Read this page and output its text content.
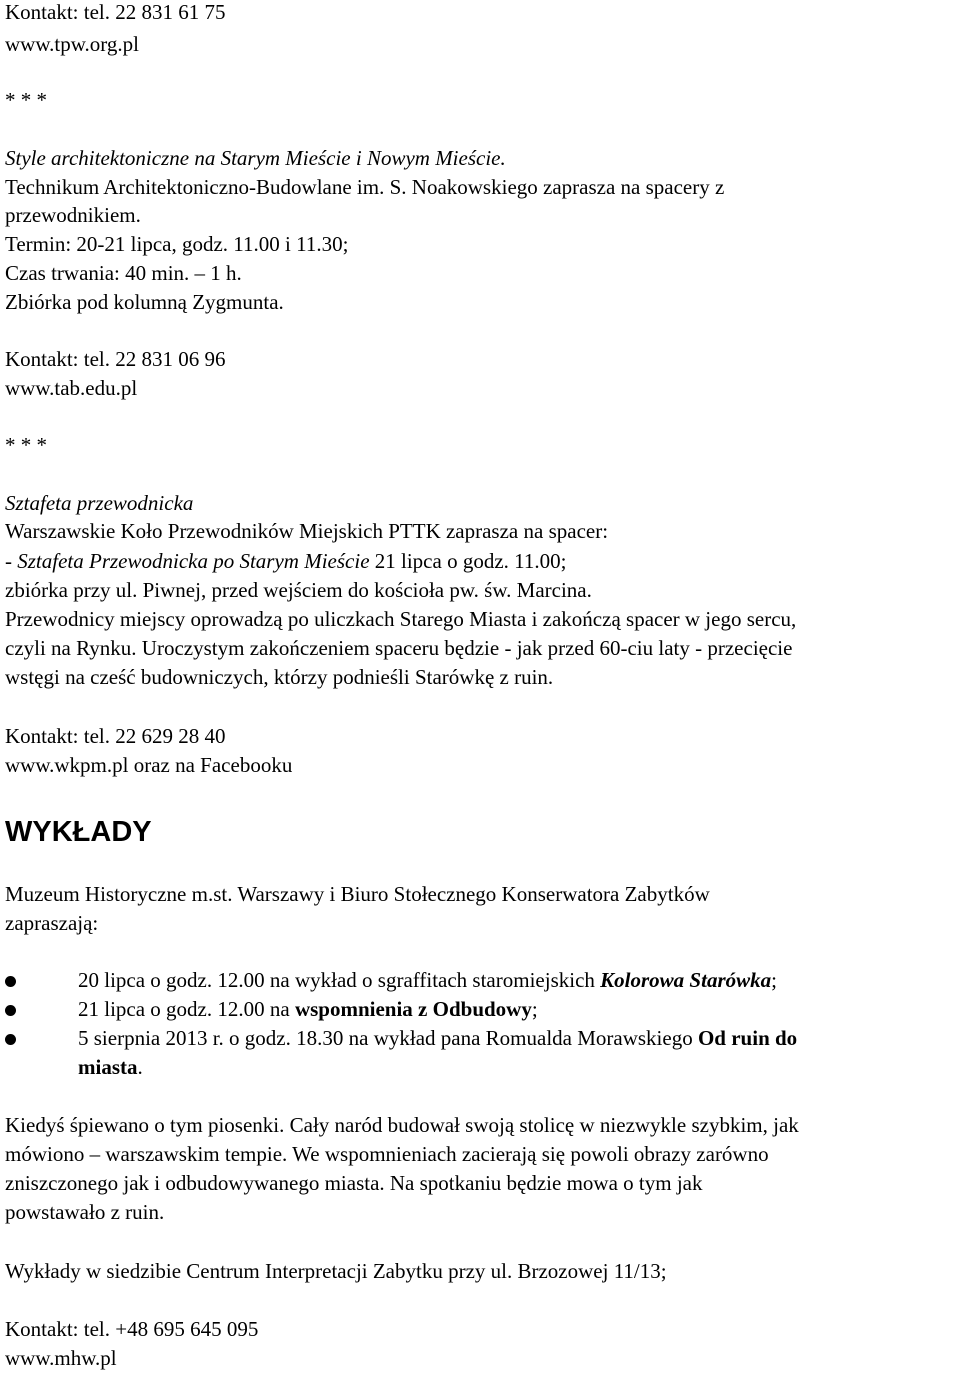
Kontakt: tel. 22 831 61 75
www.tpw.org.pl
* * *
Style architektoniczne na Starym Mieście i Nowym Mieście.
Technikum Architektoniczno-Budowlane im. S. Noakowskiego zaprasza na spacery z
przewodnikiem.
Termin: 20-21 lipca, godz. 11.00 i 11.30;
Czas trwania: 40 min. – 1 h.
Zbiórka pod kolumną Zygmunta.
Kontakt: tel. 22 831 06 96
www.tab.edu.pl
* * *
Sztafeta przewodnicka
Warszawskie Koło Przewodników Miejskich PTTK zaprasza na spacer:
- Sztafeta Przewodnicka po Starym Mieście 21 lipca o godz. 11.00;
zbiórka przy ul. Piwnej, przed wejściem do kościoła pw. św. Marcina.
Przewodnicy miejscy oprowadzą po uliczkach Starego Miasta i zakończą spacer w jego sercu,
czyli na Rynku. Uroczystym zakończeniem spaceru będzie - jak przed 60-ciu laty - przecięcie
wstęgi na cześć budowniczych, którzy podnieśli Starówkę z ruin.
Kontakt: tel. 22 629 28 40
www.wkpm.pl oraz na Facebooku
WYKŁADY
Muzeum Historyczne m.st. Warszawy i Biuro Stołecznego Konserwatora Zabytków
zapraszają:
20 lipca o godz. 12.00 na wykład o sgraffitach staromiejskich Kolorowa Starówka;
21 lipca o godz. 12.00 na wspomnienia z Odbudowy;
5 sierpnia 2013 r. o godz. 18.30 na wykład pana Romualda Morawskiego Od ruin do
miasta.
Kiedyś śpiewano o tym piosenki. Cały naród budował swoją stolicę w niezwykle szybkim, jak
mówiono – warszawskim tempie. We wspomnieniach zacierają się powoli obrazy zarówno
zniszczonego jak i odbudowywanego miasta. Na spotkaniu będzie mowa o tym jak
powstawało z ruin.
Wykłady w siedzibie Centrum Interpretacji Zabytku przy ul. Brzozowej 11/13;
Kontakt: tel. +48 695 645 095
www.mhw.pl
